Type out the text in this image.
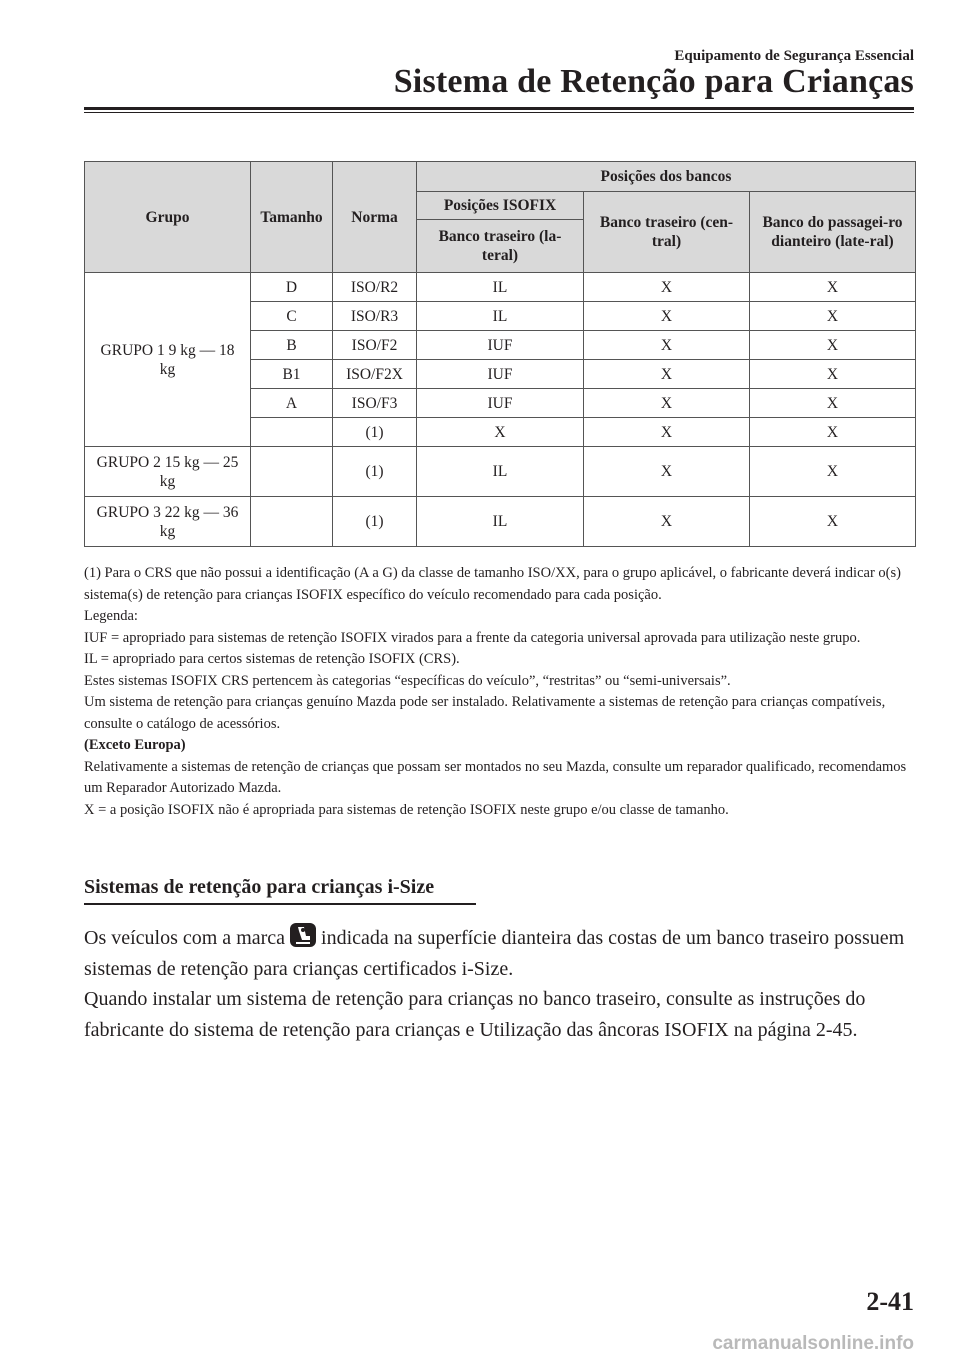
Equipamento de Segurança Essencial
Sistema de Retenção para Crianças
Grupo	Tamanho	Norma	Posições dos bancos		
			Posições ISOFIX	Banco traseiro (cen-tral)	Banco do passagei-ro dianteiro (late-ral)
			Banco traseiro (la-teral)		
GRUPO 1 9 kg ― 18 kg	D	ISO/R2	IL	X	X
	C	ISO/R3	IL	X	X
	B	ISO/F2	IUF	X	X
	B1	ISO/F2X	IUF	X	X
	A	ISO/F3	IUF	X	X
		(1)	X	X	X
GRUPO 2 15 kg ― 25 kg		(1)	IL	X	X
GRUPO 3 22 kg ― 36 kg		(1)	IL	X	X

(1) Para o CRS que não possui a identificação (A a G) da classe de tamanho ISO/XX, para o grupo aplicável, o fabricante deverá indicar o(s) sistema(s) de retenção para crianças ISOFIX específico do veículo recomendado para cada posição.

Legenda:

IUF = apropriado para sistemas de retenção ISOFIX virados para a frente da categoria universal aprovada para utilização neste grupo.

IL = apropriado para certos sistemas de retenção ISOFIX (CRS).

Estes sistemas ISOFIX CRS pertencem às categorias “específicas do veículo”, “restritas” ou “semi-universais”.

Um sistema de retenção para crianças genuíno Mazda pode ser instalado. Relativamente a sistemas de retenção para crianças compatíveis, consulte o catálogo de acessórios.

(Exceto Europa)

Relativamente a sistemas de retenção de crianças que possam ser montados no seu Mazda, consulte um reparador qualificado, recomendamos um Reparador Autorizado Mazda.

X = a posição ISOFIX não é apropriada para sistemas de retenção ISOFIX neste grupo e/ou classe de tamanho.

Sistemas de retenção para crianças i-Size

Os veículos com a marca indicada na superfície dianteira das costas de um banco traseiro possuem sistemas de retenção para crianças certificados i-Size.

Quando instalar um sistema de retenção para crianças no banco traseiro, consulte as instruções do fabricante do sistema de retenção para crianças e Utilização das âncoras ISOFIX na página 2-45.

2-41
carmanualsonline.info
